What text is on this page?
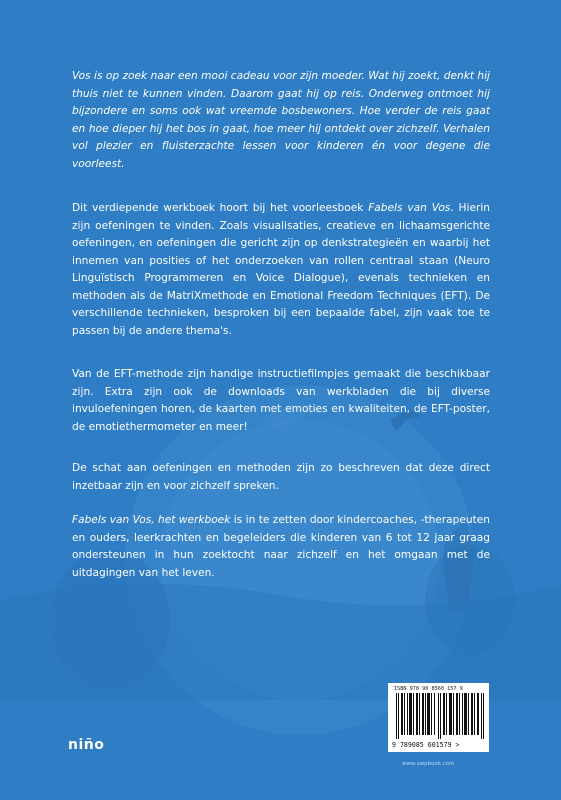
Vos is op zoek naar een mooi cadeau voor zijn moeder. Wat hij zoekt, denkt hij thuis niet te kunnen vinden. Daarom gaat hij op reis. Onderweg ontmoet hij bijzondere en soms ook wat vreemde bosbewoners. Hoe verder de reis gaat en hoe dieper hij het bos in gaat, hoe meer hij ontdekt over zichzelf. Verhalen vol plezier en fluisterzachte lessen voor kinderen én voor degene die voorleest.

Dit verdiepende werkboek hoort bij het voorleesboek Fabels van Vos. Hierin zijn oefeningen te vinden. Zoals visualisaties, creatieve en lichaamsgerichte oefeningen, en oefeningen die gericht zijn op denkstrategieën en waarbij het innemen van posities of het onderzoeken van rollen centraal staan (Neuro Linguïstisch Programmeren en Voice Dialogue), evenals technieken en methoden als de MatriXmethode en Emotional Freedom Techniques (EFT). De verschillende technieken, besproken bij een bepaalde fabel, zijn vaak toe te passen bij de andere thema's.

Van de EFT-methode zijn handige instructiefilmpjes gemaakt die beschikbaar zijn. Extra zijn ook de downloads van werkbladen die bij diverse invuloefeningen horen, de kaarten met emoties en kwaliteiten, de EFT-poster, de emotiethermometer en meer!

De schat aan oefeningen en methoden zijn zo beschreven dat deze direct inzetbaar zijn en voor zichzelf spreken.

Fabels van Vos, het werkboek is in te zetten door kindercoaches, -therapeuten en ouders, leerkrachten en begeleiders die kinderen van 6 tot 12 jaar graag ondersteunen in hun zoektocht naar zichzelf en het omgaan met de uitdagingen van het leven.

niño
ISBN 978 90 8560 157 9
9 789085 601579 >
www.swpbook.com
